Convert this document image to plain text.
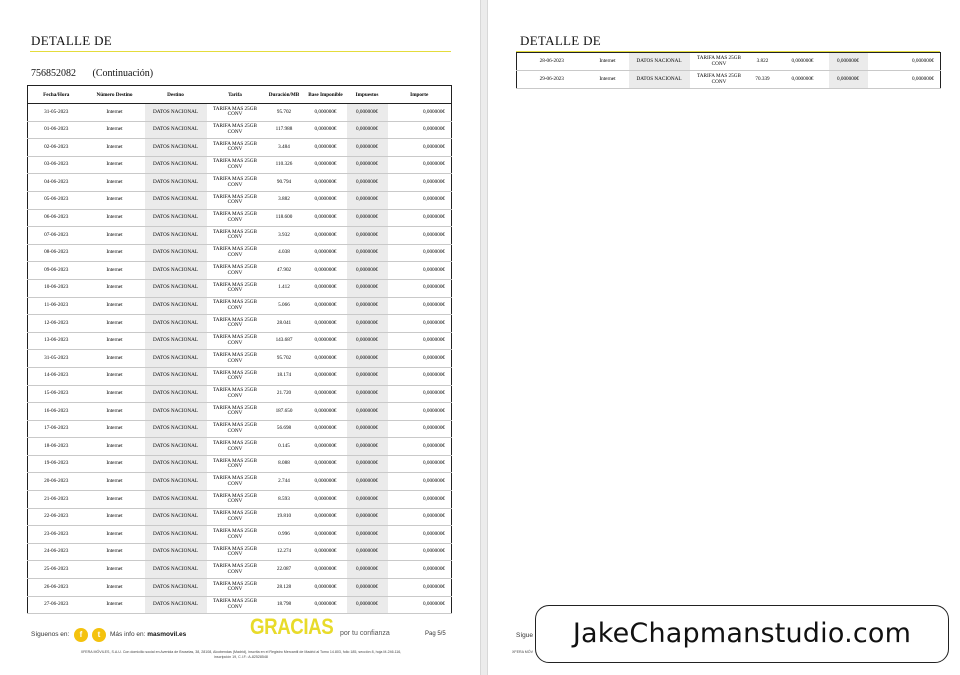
DETALLE DE
756852082 (Continuación)
Fecha/Hora	Número Destino	Destino	Tarifa	Duración/MB	Base Imponible	Impuestos	Importe
31-05-2023	Internet	DATOS NACIONAL	TARIFA MAS 25GB CONV	95.702	0,000000€	0,000000€	0,000000€
01-06-2023	Internet	DATOS NACIONAL	TARIFA MAS 25GB CONV	117.988	0,000000€	0,000000€	0,000000€
02-06-2023	Internet	DATOS NACIONAL	TARIFA MAS 25GB CONV	3.484	0,000000€	0,000000€	0,000000€
03-06-2023	Internet	DATOS NACIONAL	TARIFA MAS 25GB CONV	110.326	0,000000€	0,000000€	0,000000€
04-06-2023	Internet	DATOS NACIONAL	TARIFA MAS 25GB CONV	90.794	0,000000€	0,000000€	0,000000€
05-06-2023	Internet	DATOS NACIONAL	TARIFA MAS 25GB CONV	3.882	0,000000€	0,000000€	0,000000€
06-06-2023	Internet	DATOS NACIONAL	TARIFA MAS 25GB CONV	118.600	0,000000€	0,000000€	0,000000€
07-06-2023	Internet	DATOS NACIONAL	TARIFA MAS 25GB CONV	3.932	0,000000€	0,000000€	0,000000€
08-06-2023	Internet	DATOS NACIONAL	TARIFA MAS 25GB CONV	4.038	0,000000€	0,000000€	0,000000€
09-06-2023	Internet	DATOS NACIONAL	TARIFA MAS 25GB CONV	47.902	0,000000€	0,000000€	0,000000€
10-06-2023	Internet	DATOS NACIONAL	TARIFA MAS 25GB CONV	1.412	0,000000€	0,000000€	0,000000€
11-06-2023	Internet	DATOS NACIONAL	TARIFA MAS 25GB CONV	5.066	0,000000€	0,000000€	0,000000€
12-06-2023	Internet	DATOS NACIONAL	TARIFA MAS 25GB CONV	28.041	0,000000€	0,000000€	0,000000€
13-06-2023	Internet	DATOS NACIONAL	TARIFA MAS 25GB CONV	143.687	0,000000€	0,000000€	0,000000€
31-05-2023	Internet	DATOS NACIONAL	TARIFA MAS 25GB CONV	95.702	0,000000€	0,000000€	0,000000€
14-06-2023	Internet	DATOS NACIONAL	TARIFA MAS 25GB CONV	18.174	0,000000€	0,000000€	0,000000€
15-06-2023	Internet	DATOS NACIONAL	TARIFA MAS 25GB CONV	21.720	0,000000€	0,000000€	0,000000€
16-06-2023	Internet	DATOS NACIONAL	TARIFA MAS 25GB CONV	187.650	0,000000€	0,000000€	0,000000€
17-06-2023	Internet	DATOS NACIONAL	TARIFA MAS 25GB CONV	56.698	0,000000€	0,000000€	0,000000€
18-06-2023	Internet	DATOS NACIONAL	TARIFA MAS 25GB CONV	0.145	0,000000€	0,000000€	0,000000€
19-06-2023	Internet	DATOS NACIONAL	TARIFA MAS 25GB CONV	8.088	0,000000€	0,000000€	0,000000€
20-06-2023	Internet	DATOS NACIONAL	TARIFA MAS 25GB CONV	2.744	0,000000€	0,000000€	0,000000€
21-06-2023	Internet	DATOS NACIONAL	TARIFA MAS 25GB CONV	8.593	0,000000€	0,000000€	0,000000€
22-06-2023	Internet	DATOS NACIONAL	TARIFA MAS 25GB CONV	19.810	0,000000€	0,000000€	0,000000€
23-06-2023	Internet	DATOS NACIONAL	TARIFA MAS 25GB CONV	0.996	0,000000€	0,000000€	0,000000€
24-06-2023	Internet	DATOS NACIONAL	TARIFA MAS 25GB CONV	12.274	0,000000€	0,000000€	0,000000€
25-06-2023	Internet	DATOS NACIONAL	TARIFA MAS 25GB CONV	22.087	0,000000€	0,000000€	0,000000€
26-06-2023	Internet	DATOS NACIONAL	TARIFA MAS 25GB CONV	28.128	0,000000€	0,000000€	0,000000€
27-06-2023	Internet	DATOS NACIONAL	TARIFA MAS 25GB CONV	18.798	0,000000€	0,000000€	0,000000€
Síguenos en:	f	t	Más info en: masmovil.es	GRACIAS por tu confianza	Pag 5/5
XFERA MÓVILES, S.A.U. Con domicilio social en Avenida de Bruselas, 38, 28108, Alcobendas (Madrid), inscrita en el Registro Mercantil de Madrid al Tomo 14.803, folio 185, sección 8, hoja M-246.116,
inscripción 19, C.I.F.: A-82528548
DETALLE DE
28-06-2023	Internet	DATOS NACIONAL	TARIFA MAS 25GB CONV	3.822	0,000000€	0,000000€	0,000000€
29-06-2023	Internet	DATOS NACIONAL	TARIFA MAS 25GB CONV	70.339	0,000000€	0,000000€	0,000000€
Sígue
XFERA MÓV
JakeChapmanstudio.com
